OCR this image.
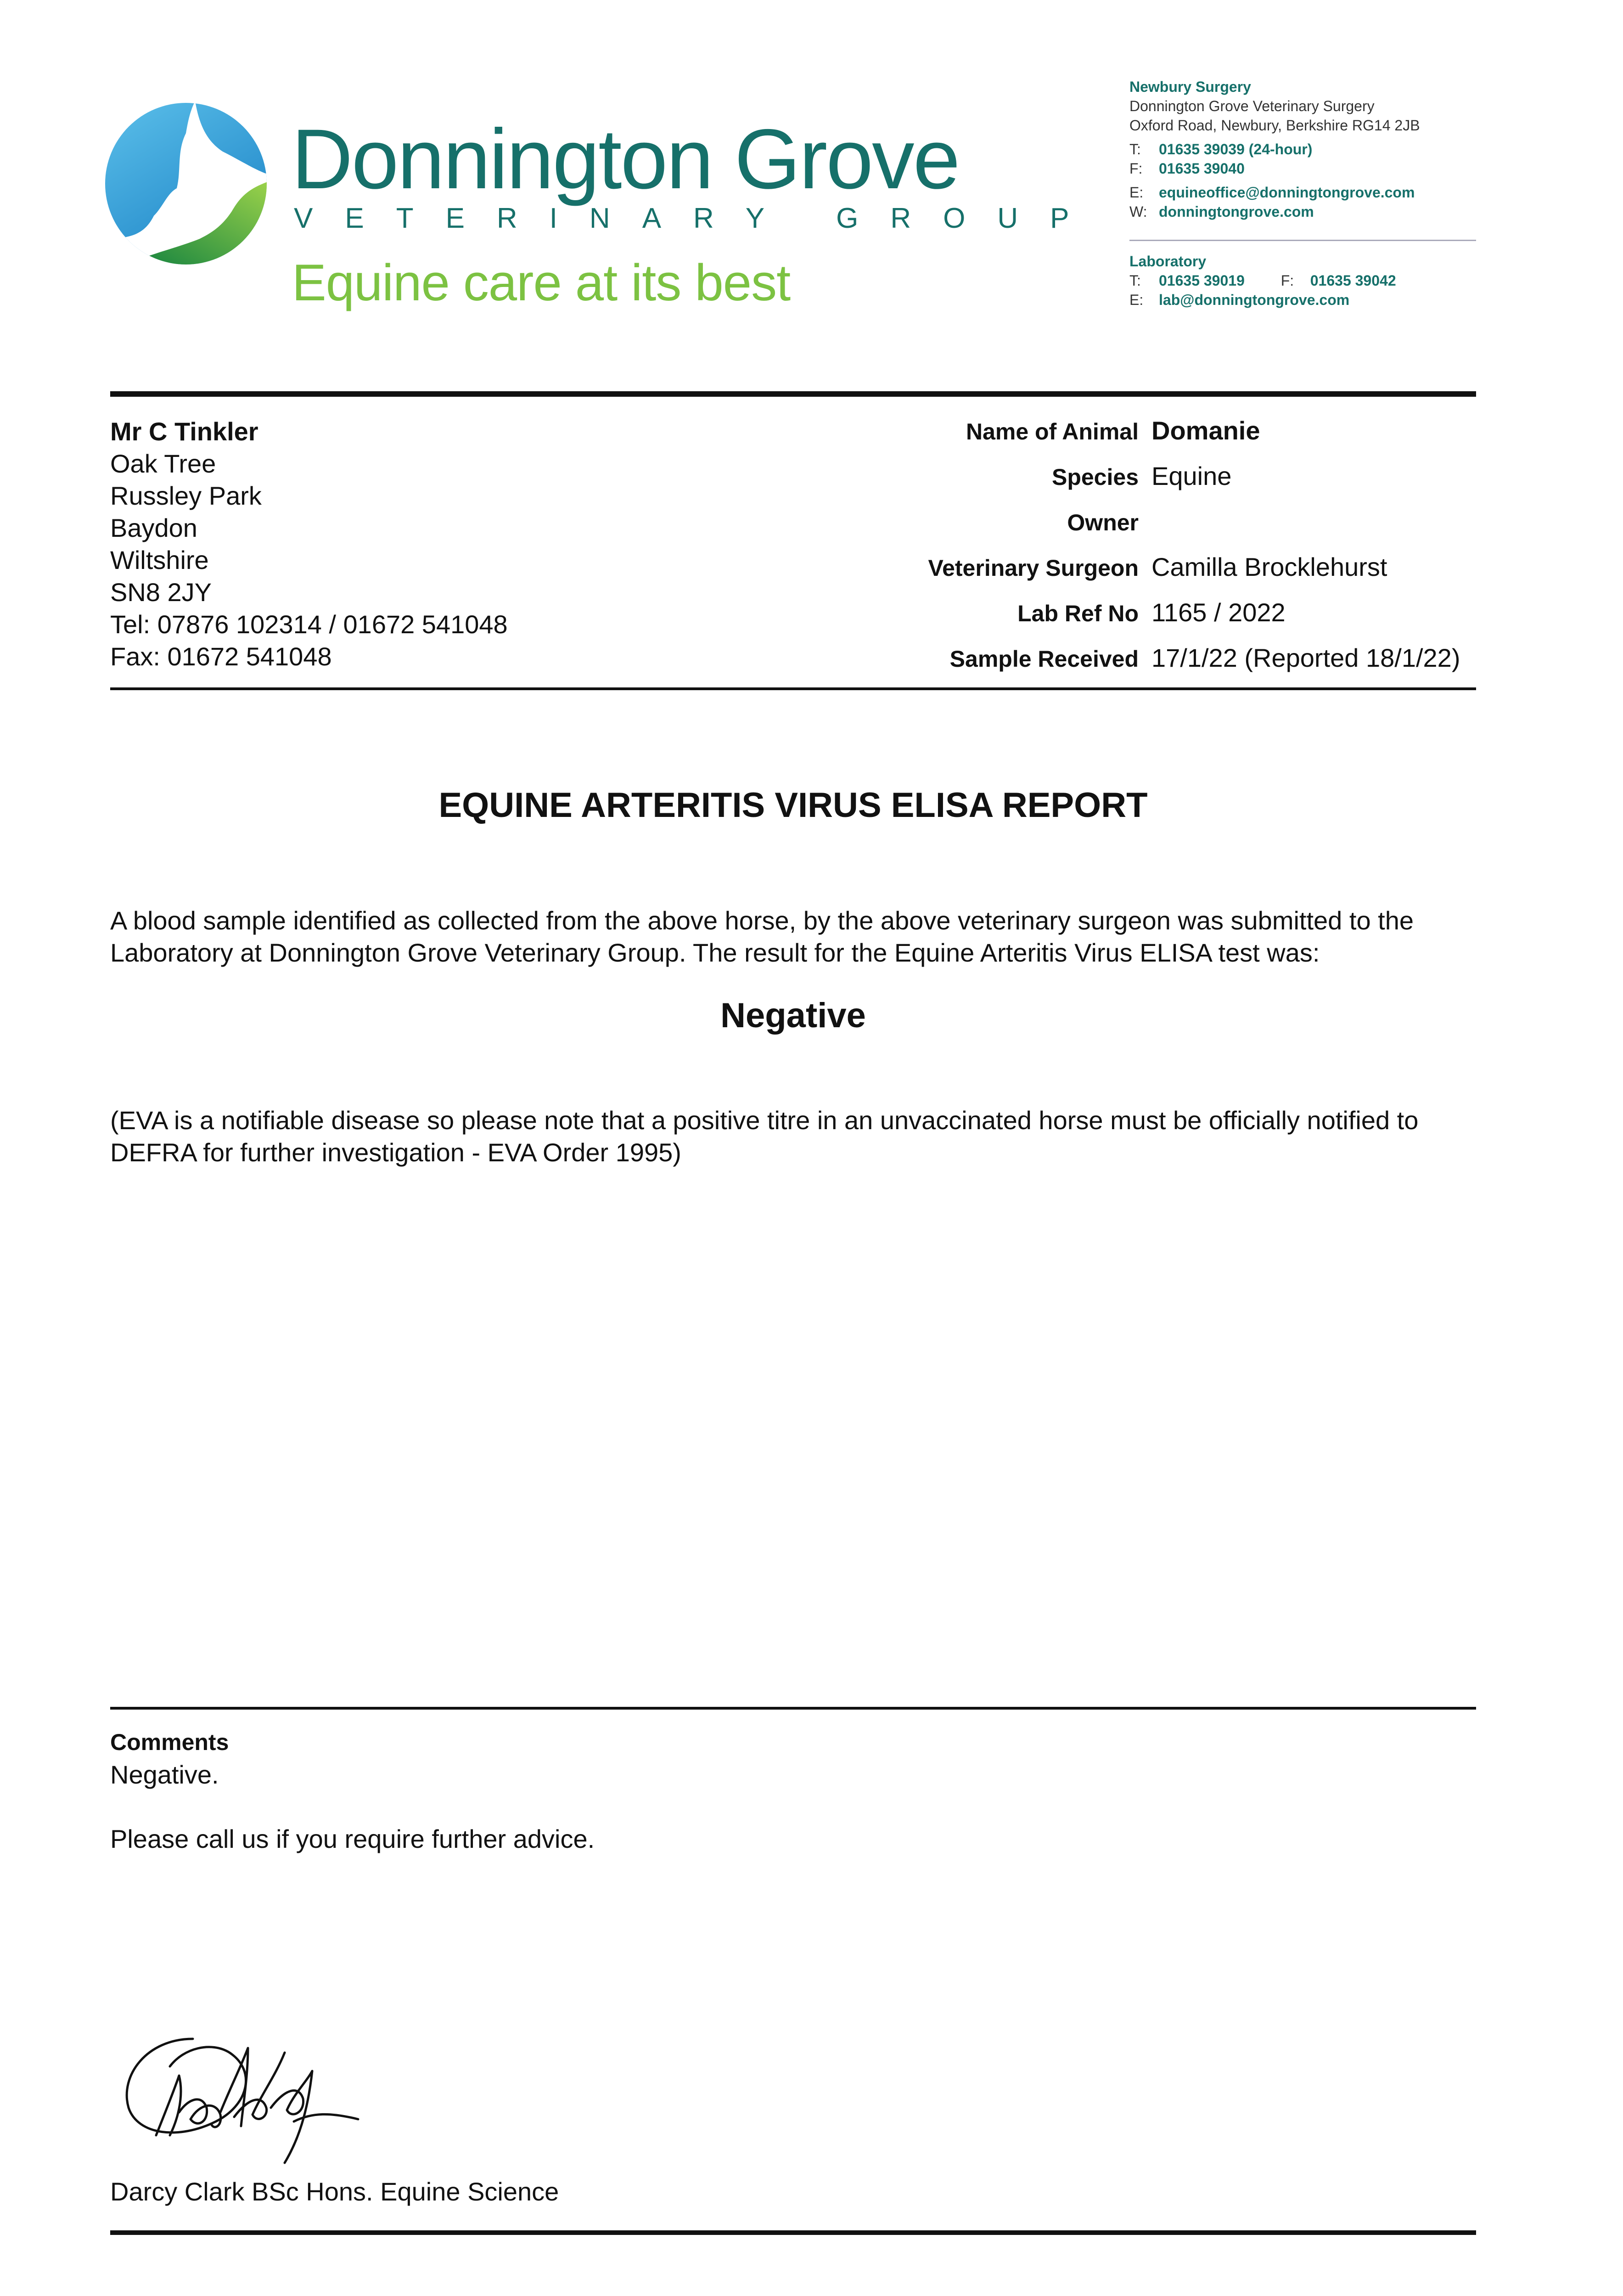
Donnington Grove
VETERINARY GROUP
Equine care at its best
Newbury Surgery
Donnington Grove Veterinary Surgery
Oxford Road, Newbury, Berkshire RG14 2JB
T: 01635 39039 (24-hour)
F: 01635 39040
E: equineoffice@donningtongrove.com
W: donningtongrove.com
Laboratory
T: 01635 39019 F: 01635 39042
E: lab@donningtongrove.com
Mr C Tinkler
Oak Tree
Russley Park
Baydon
Wiltshire
SN8 2JY
Tel: 07876 102314 / 01672 541048
Fax: 01672 541048
Name of Animal Domanie
Species Equine
Owner
Veterinary Surgeon Camilla Brocklehurst
Lab Ref No 1165 / 2022
Sample Received 17/1/22 (Reported 18/1/22)
EQUINE ARTERITIS VIRUS ELISA REPORT
A blood sample identified as collected from the above horse, by the above veterinary surgeon was submitted to the Laboratory at Donnington Grove Veterinary Group. The result for the Equine Arteritis Virus ELISA test was:
Negative
(EVA is a notifiable disease so please note that a positive titre in an unvaccinated horse must be officially notified to DEFRA for further investigation - EVA Order 1995)
Comments
Negative.
Please call us if you require further advice.
Darcy Clark BSc Hons. Equine Science
